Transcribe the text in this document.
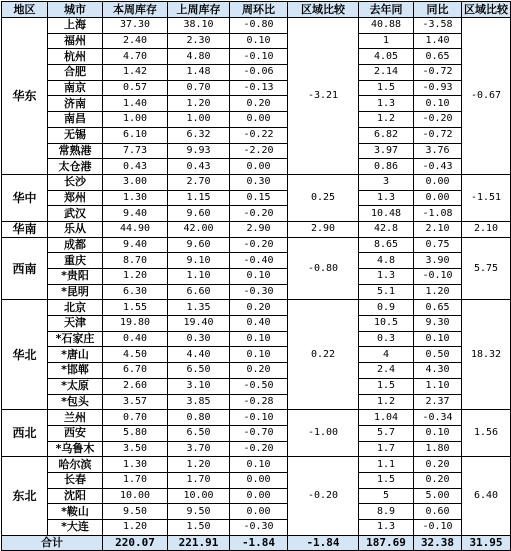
地区	城市	本周库存	上周库存	周环比	区域比较	去年同	同比	区域比较
华东	上海	37.30	38.10	-0.80	-3.21	40.88	-3.58	-0.67
	福州	2.40	2.30	0.10		1	1.40	
	杭州	4.70	4.80	-0.10		4.05	0.65	
	合肥	1.42	1.48	-0.06		2.14	-0.72	
	南京	0.57	0.70	-0.13		1.5	-0.93	
	济南	1.40	1.20	0.20		1.3	0.10	
	南昌	1.00	1.00	0.00		1.2	-0.20	
	无锡	6.10	6.32	-0.22		6.82	-0.72	
	常熟港	7.73	9.93	-2.20		3.97	3.76	
	太仓港	0.43	0.43	0.00		0.86	-0.43	
华中	长沙	3.00	2.70	0.30	0.25	3	0.00	-1.51
	郑州	1.30	1.15	0.15		1.3	0.00	
	武汉	9.40	9.60	-0.20		10.48	-1.08	
华南	乐从	44.90	42.00	2.90	2.90	42.8	2.10	2.10
西南	成都	9.40	9.60	-0.20	-0.80	8.65	0.75	5.75
	重庆	8.70	9.10	-0.40		4.8	3.90	
	*贵阳	1.20	1.10	0.10		1.3	-0.10	
	*昆明	6.30	6.60	-0.30		5.1	1.20	
华北	北京	1.55	1.35	0.20	0.22	0.9	0.65	18.32
	天津	19.80	19.40	0.40		10.5	9.30	
	*石家庄	0.40	0.30	0.10		0.3	0.10	
	*唐山	4.50	4.40	0.10		4	0.50	
	*邯郸	6.70	6.50	0.20		2.4	4.30	
	*太原	2.60	3.10	-0.50		1.5	1.10	
	*包头	3.57	3.85	-0.28		1.2	2.37	
西北	兰州	0.70	0.80	-0.10	-1.00	1.04	-0.34	1.56
	西安	5.80	6.50	-0.70		5.7	0.10	
	*乌鲁木	3.50	3.70	-0.20		1.7	1.80	
东北	哈尔滨	1.30	1.20	0.10	-0.20	1.1	0.20	6.40
	长春	1.70	1.70	0.00		1.5	0.20	
	沈阳	10.00	10.00	0.00		5	5.00	
	*鞍山	9.50	9.50	0.00		8.9	0.60	
	*大连	1.20	1.50	-0.30		1.3	-0.10	
合计		220.07	221.91	-1.84	-1.84	187.69	32.38	31.95
